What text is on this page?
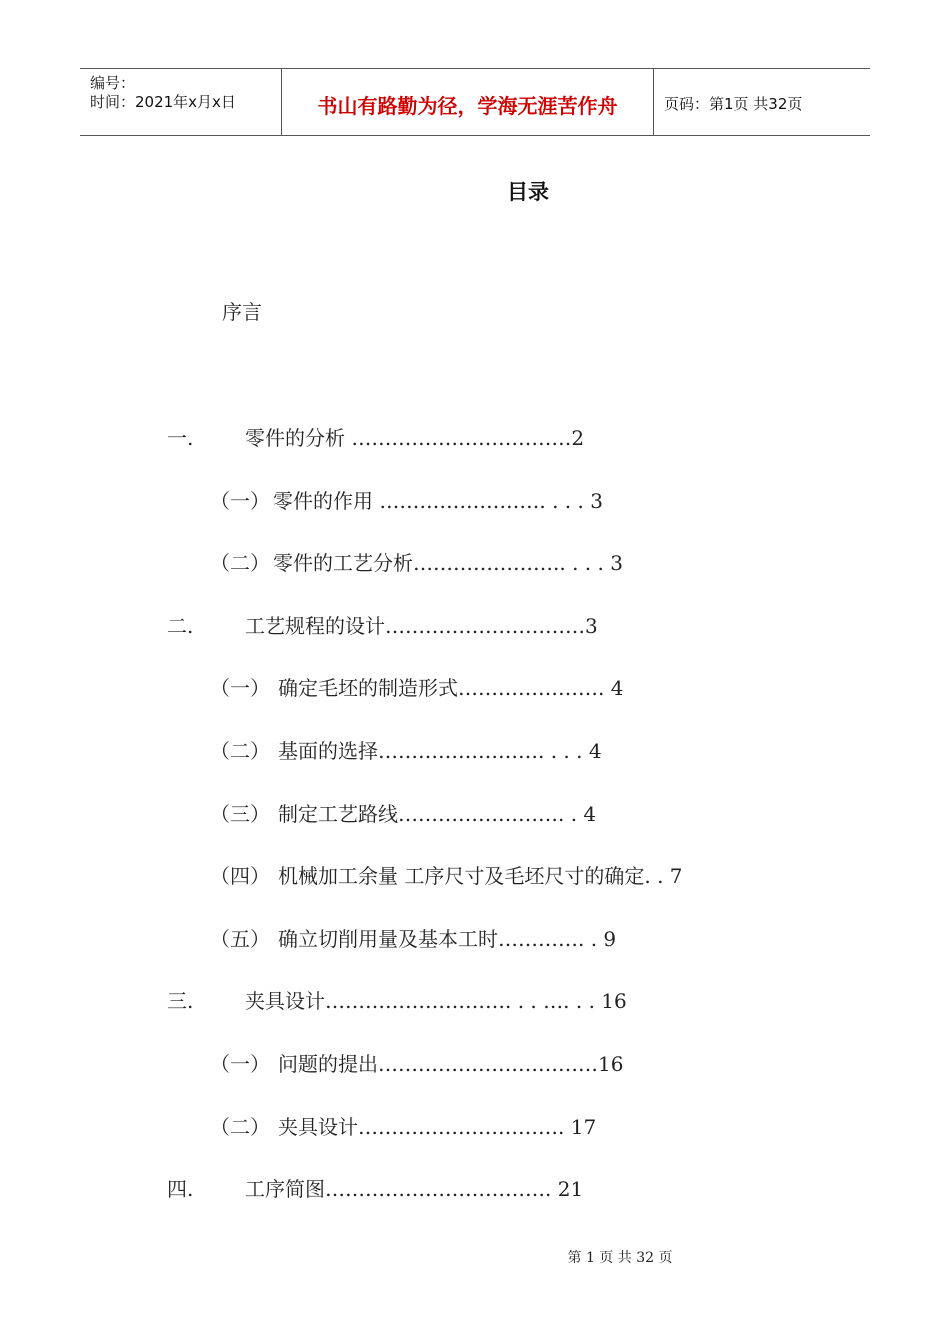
编号：
时间：2021年x月x日	书山有路勤为径，学海无涯苦作舟	页码：第1页 共32页
目录
序言
一.	零件的分析 ……………………………2
（一） 零件的作用 ……………………. . . . 3
（二） 零件的工艺分析………………….. . . . 3
二.	工艺规程的设计…………………………3
（一） 确定毛坯的制造形式…………………. 4
（二） 基面的选择……………………. . . . 4
（三） 制定工艺路线……………………. . 4
（四） 机械加工余量 工序尺寸及毛坯尺寸的确定. . 7
（五） 确立切削用量及基本工时…………. . 9
三.	夹具设计………………………. . . …. . . 16
（一） 问题的提出……………………………16
（二） 夹具设计…………………………. 17
四.	工序简图……………………………. 21
第 1 页 共 32 页
